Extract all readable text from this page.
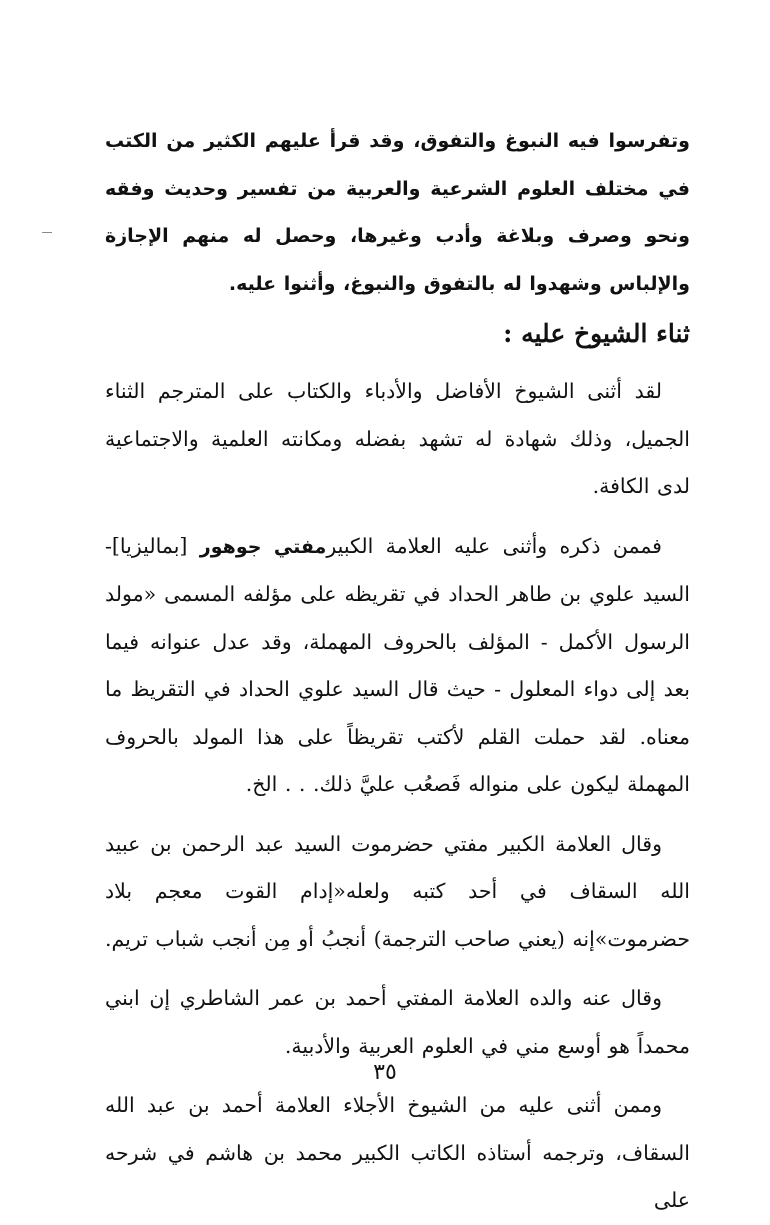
وتفرسوا فيه النبوغ والتفوق، وقد قرأ عليهم الكثير من الكتب في مختلف العلوم الشرعية والعربية من تفسير وحديث وفقه ونحو وصرف وبلاغة وأدب وغيرها، وحصل له منهم الإجازة والإلباس وشهدوا له بالتفوق والنبوغ، وأثنوا عليه.

ثناء الشيوخ عليه :

لقد أثنى الشيوخ الأفاضل والأدباء والكتاب على المترجم الثناء الجميل، وذلك شهادة له تشهد بفضله ومكانته العلمية والاجتماعية لدى الكافة.

فممن ذكره وأثنى عليه العلامة الكبيرمفتي جوهور [بماليزيا]- السيد علوي بن طاهر الحداد في تقريظه على مؤلفه المسمى «مولد الرسول الأكمل - المؤلف بالحروف المهملة، وقد عدل عنوانه فيما بعد إلى دواء المعلول - حيث قال السيد علوي الحداد في التقريظ ما معناه. لقد حملت القلم لأكتب تقريظاً على هذا المولد بالحروف المهملة ليكون على منواله فَصعُب عليَّ ذلك. . . الخ.

وقال العلامة الكبير مفتي حضرموت السيد عبد الرحمن بن عبيد الله السقاف في أحد كتبه ولعله«إدام القوت معجم بلاد حضرموت»إنه (يعني صاحب الترجمة) أنجبُ أو مِن أنجب شباب تريم.

وقال عنه والده العلامة المفتي أحمد بن عمر الشاطري إن ابني محمداً هو أوسع مني في العلوم العربية والأدبية.

وممن أثنى عليه من الشيوخ الأجلاء العلامة أحمد بن عبد الله السقاف، وترجمه أستاذه الكاتب الكبير محمد بن هاشم في شرحه على

٣٥
